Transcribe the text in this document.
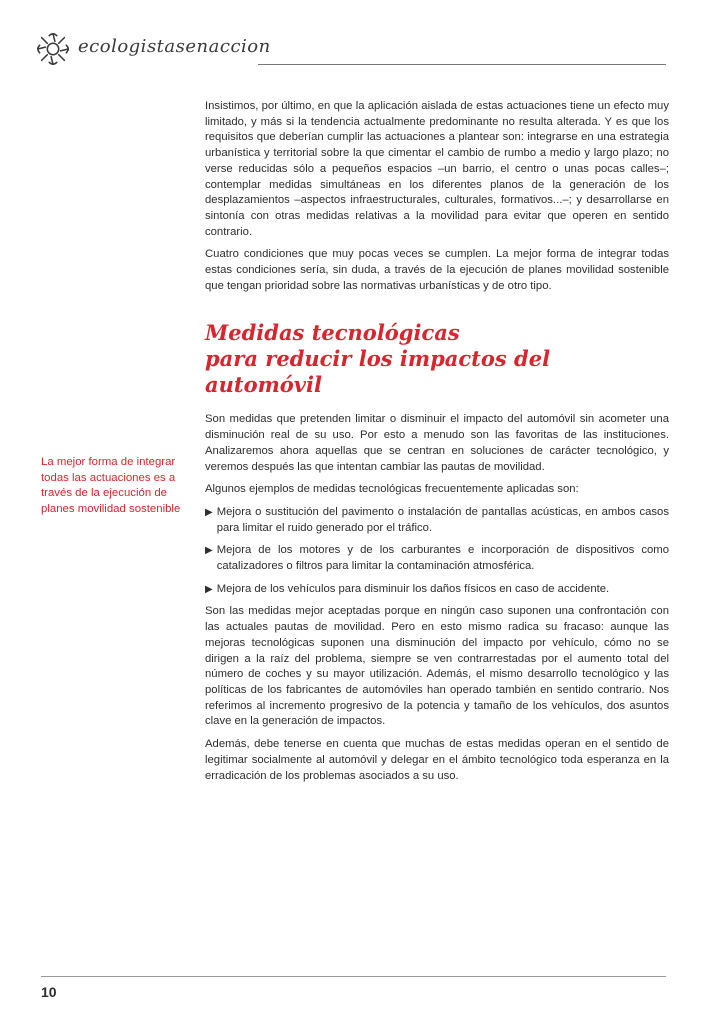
ecologistasenaccion

Insistimos, por último, en que la aplicación aislada de estas actuaciones tiene un efecto muy limitado, y más si la tendencia actualmente predominante no resulta alterada. Y es que los requisitos que deberían cumplir las actuaciones a plantear son: integrarse en una estrategia urbanística y territorial sobre la que cimentar el cambio de rumbo a medio y largo plazo; no verse reducidas sólo a pequeños espacios –un barrio, el centro o unas pocas calles–; contemplar medidas simultáneas en los diferentes planos de la generación de los desplazamientos –aspectos infraestructurales, culturales, formativos...–; y desarrollarse en sintonía con otras medidas relativas a la movilidad para evitar que operen en sentido contrario.

Cuatro condiciones que muy pocas veces se cumplen. La mejor forma de integrar todas estas condiciones sería, sin duda, a través de la ejecución de planes movilidad sostenible que tengan prioridad sobre las normativas urbanísticas y de otro tipo.

Medidas tecnológicas
para reducir los impactos del automóvil

Son medidas que pretenden limitar o disminuir el impacto del automóvil sin acometer una disminución real de su uso. Por esto a menudo son las favoritas de las instituciones. Analizaremos ahora aquellas que se centran en soluciones de carácter tecnológico, y veremos después las que intentan cambiar las pautas de movilidad.

Algunos ejemplos de medidas tecnológicas frecuentemente aplicadas son:

▶ Mejora o sustitución del pavimento o instalación de pantallas acústicas, en ambos casos para limitar el ruido generado por el tráfico.
▶ Mejora de los motores y de los carburantes e incorporación de dispositivos como catalizadores o filtros para limitar la contaminación atmosférica.
▶ Mejora de los vehículos para disminuir los daños físicos en caso de accidente.

Son las medidas mejor aceptadas porque en ningún caso suponen una confrontación con las actuales pautas de movilidad. Pero en esto mismo radica su fracaso: aunque las mejoras tecnológicas suponen una disminución del impacto por vehículo, cómo no se dirigen a la raíz del problema, siempre se ven contrarrestadas por el aumento total del número de coches y su mayor utilización. Además, el mismo desarrollo tecnológico y las políticas de los fabricantes de automóviles han operado también en sentido contrario. Nos referimos al incremento progresivo de la potencia y tamaño de los vehículos, dos asuntos clave en la generación de impactos.

Además, debe tenerse en cuenta que muchas de estas medidas operan en el sentido de legitimar socialmente al automóvil y delegar en el ámbito tecnológico toda esperanza en la erradicación de los problemas asociados a su uso.

La mejor forma de integrar todas las actuaciones es a través de la ejecución de planes movilidad sostenible
10
